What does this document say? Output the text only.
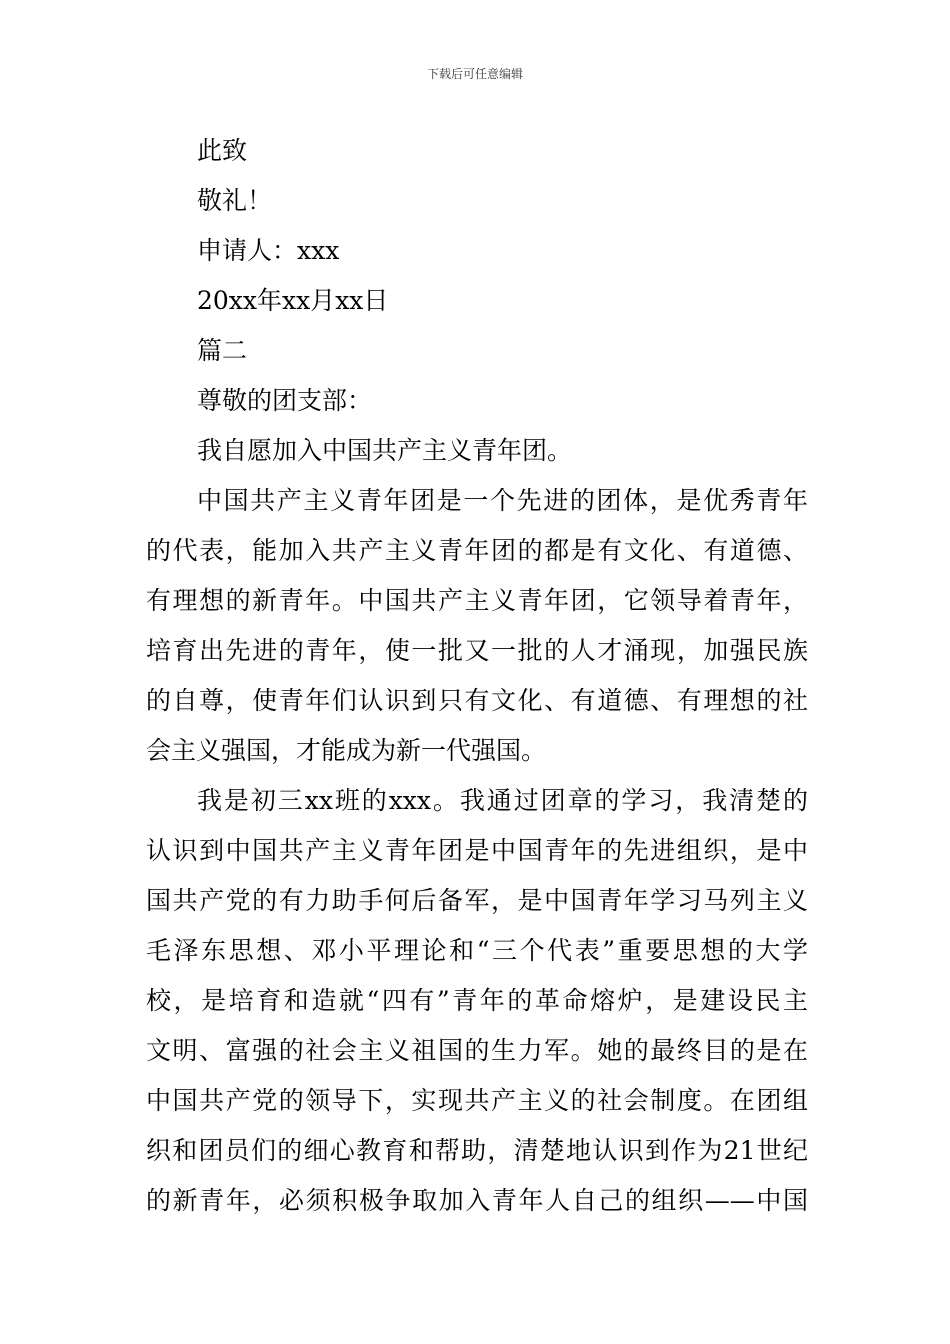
下载后可任意编辑
此致
敬礼！
申请人：xxx
20xx年xx月xx日
篇二
尊敬的团支部：
我自愿加入中国共产主义青年团。
中国共产主义青年团是一个先进的团体，是优秀青年
的代表，能加入共产主义青年团的都是有文化、有道德、
有理想的新青年。中国共产主义青年团，它领导着青年，
培育出先进的青年，使一批又一批的人才涌现，加强民族
的自尊，使青年们认识到只有文化、有道德、有理想的社
会主义强国，才能成为新一代强国。
我是初三xx班的xxx。我通过团章的学习，我清楚的
认识到中国共产主义青年团是中国青年的先进组织，是中
国共产党的有力助手何后备军，是中国青年学习马列主义
毛泽东思想、邓小平理论和“三个代表”重要思想的大学
校，是培育和造就“四有”青年的革命熔炉，是建设民主
文明、富强的社会主义祖国的生力军。她的最终目的是在
中国共产党的领导下，实现共产主义的社会制度。在团组
织和团员们的细心教育和帮助，清楚地认识到作为21世纪
的新青年，必须积极争取加入青年人自己的组织——中国
